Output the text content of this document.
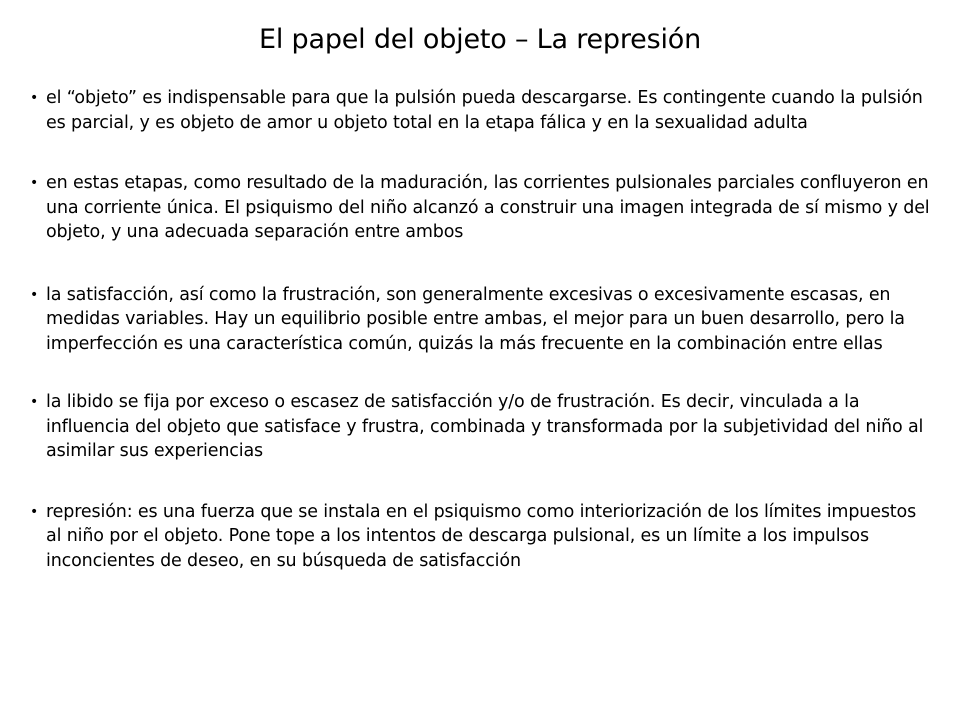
El papel del objeto – La represión
• el “objeto” es indispensable para que la pulsión pueda descargarse. Es contingente cuando la pulsión es parcial, y es objeto de amor u objeto total en la etapa fálica y en la sexualidad adulta
• en estas etapas, como resultado de la maduración, las corrientes pulsionales parciales confluyeron en una corriente única. El psiquismo del niño alcanzó a construir una imagen integrada de sí mismo y del objeto, y una adecuada separación entre ambos
• la satisfacción, así como la frustración, son generalmente excesivas o excesivamente escasas, en medidas variables. Hay un equilibrio posible entre ambas, el mejor para un buen desarrollo, pero la imperfección es una característica común, quizás la más frecuente en la combinación entre ellas
• la libido se fija por exceso o escasez de satisfacción y/o de frustración. Es decir, vinculada a la influencia del objeto que satisface y frustra, combinada y transformada por la subjetividad del niño al asimilar sus experiencias
• represión: es una fuerza que se instala en el psiquismo como interiorización de los límites impuestos al niño por el objeto. Pone tope a los intentos de descarga pulsional, es un límite a los impulsos inconcientes de deseo, en su búsqueda de satisfacción
